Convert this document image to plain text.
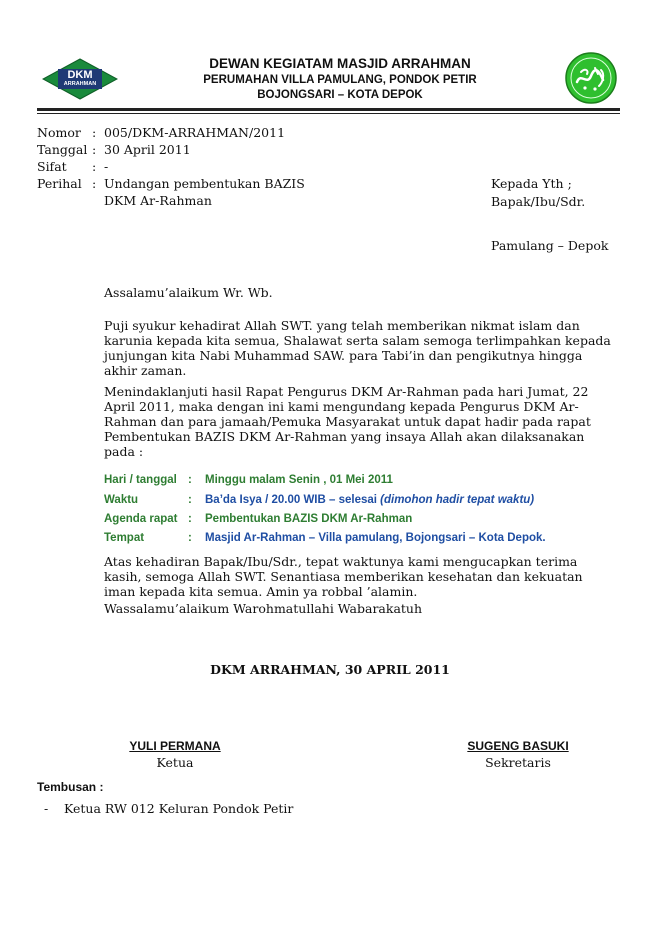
DKM
ARRAHMAN
DEWAN KEGIATAM MASJID ARRAHMAN
PERUMAHAN VILLA PAMULANG, PONDOK PETIR
BOJONGSARI – KOTA DEPOK
Nomor : 005/DKM-ARRAHMAN/2011
Tanggal : 30 April 2011
Sifat : -
Perihal : Undangan pembentukan BAZIS
DKM Ar-Rahman
Kepada Yth ;
Bapak/Ibu/Sdr.
Pamulang – Depok
Assalamu’alaikum Wr. Wb.
Puji syukur kehadirat Allah SWT. yang telah memberikan nikmat islam dan
karunia kepada kita semua, Shalawat serta salam semoga terlimpahkan kepada
junjungan kita Nabi Muhammad SAW. para Tabi’in dan pengikutnya hingga
akhir zaman.
Menindaklanjuti hasil Rapat Pengurus DKM Ar-Rahman pada hari Jumat, 22
April 2011, maka dengan ini kami mengundang kepada Pengurus DKM Ar-
Rahman dan para jamaah/Pemuka Masyarakat untuk dapat hadir pada rapat
Pembentukan BAZIS DKM Ar-Rahman yang insaya Allah akan dilaksanakan
pada :
Hari / tanggal : Minggu malam Senin , 01 Mei 2011
Waktu	: Ba’da Isya / 20.00 WIB – selesai (dimohon hadir tepat waktu)
Agenda rapat : Pembentukan BAZIS DKM Ar-Rahman
Tempat	: Masjid Ar-Rahman – Villa pamulang, Bojongsari – Kota Depok.
Atas kehadiran Bapak/Ibu/Sdr., tepat waktunya kami mengucapkan terima
kasih, semoga Allah SWT. Senantiasa memberikan kesehatan dan kekuatan
iman kepada kita semua. Amin ya robbal ’alamin.
Wassalamu’alaikum Warohmatullahi Wabarakatuh
DKM ARRAHMAN, 30 APRIL 2011
YULI PERMANA
Ketua
SUGENG BASUKI
Sekretaris
Tembusan :
- Ketua RW 012 Keluran Pondok Petir
